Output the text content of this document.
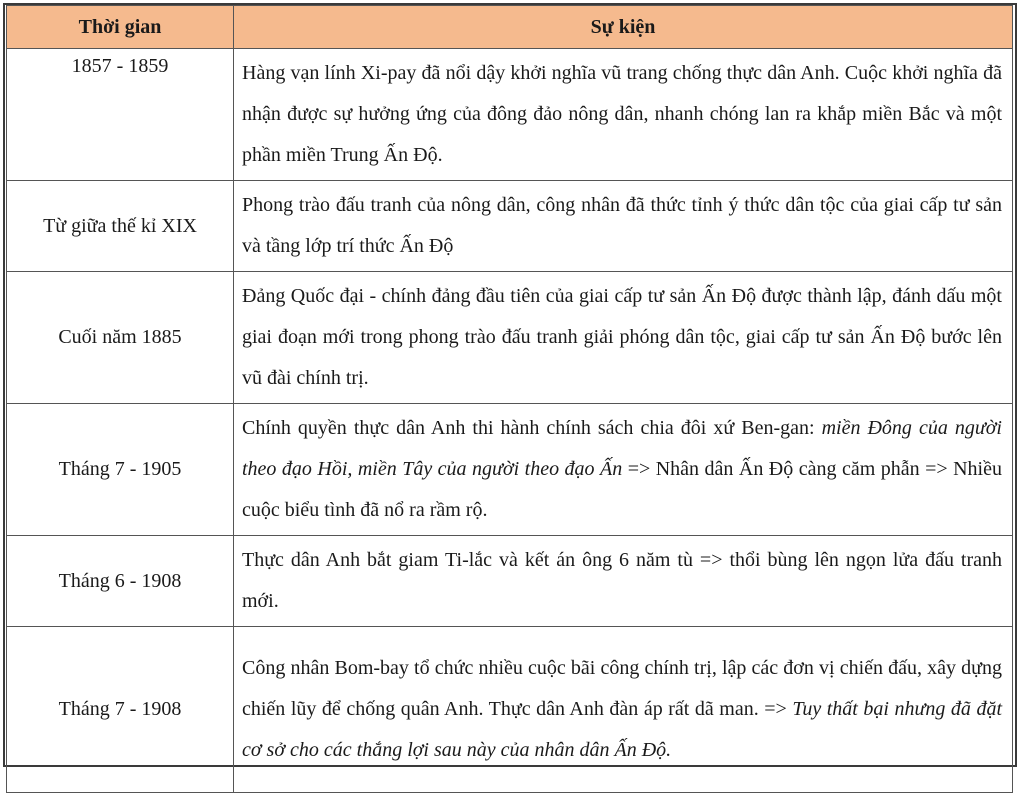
Thời gian	Sự kiện
1857 - 1859	Hàng vạn lính Xi-pay đã nổi dậy khởi nghĩa vũ trang chống thực dân Anh. Cuộc khởi nghĩa đã nhận được sự hưởng ứng của đông đảo nông dân, nhanh chóng lan ra khắp miền Bắc và một phần miền Trung Ấn Độ.
Từ giữa thế kỉ XIX	Phong trào đấu tranh của nông dân, công nhân đã thức tỉnh ý thức dân tộc của giai cấp tư sản và tầng lớp trí thức Ấn Độ
Cuối năm 1885	Đảng Quốc đại - chính đảng đầu tiên của giai cấp tư sản Ấn Độ được thành lập, đánh dấu một giai đoạn mới trong phong trào đấu tranh giải phóng dân tộc, giai cấp tư sản Ấn Độ bước lên vũ đài chính trị.
Tháng 7 - 1905	Chính quyền thực dân Anh thi hành chính sách chia đôi xứ Ben-gan: miền Đông của người theo đạo Hồi, miền Tây của người theo đạo Ấn => Nhân dân Ấn Độ càng căm phẫn => Nhiều cuộc biểu tình đã nổ ra rầm rộ.
Tháng 6 - 1908	Thực dân Anh bắt giam Ti-lắc và kết án ông 6 năm tù => thổi bùng lên ngọn lửa đấu tranh mới.
Tháng 7 - 1908	Công nhân Bom-bay tổ chức nhiều cuộc bãi công chính trị, lập các đơn vị chiến đấu, xây dựng chiến lũy để chống quân Anh. Thực dân Anh đàn áp rất dã man. => Tuy thất bại nhưng đã đặt cơ sở cho các thắng lợi sau này của nhân dân Ấn Độ.
